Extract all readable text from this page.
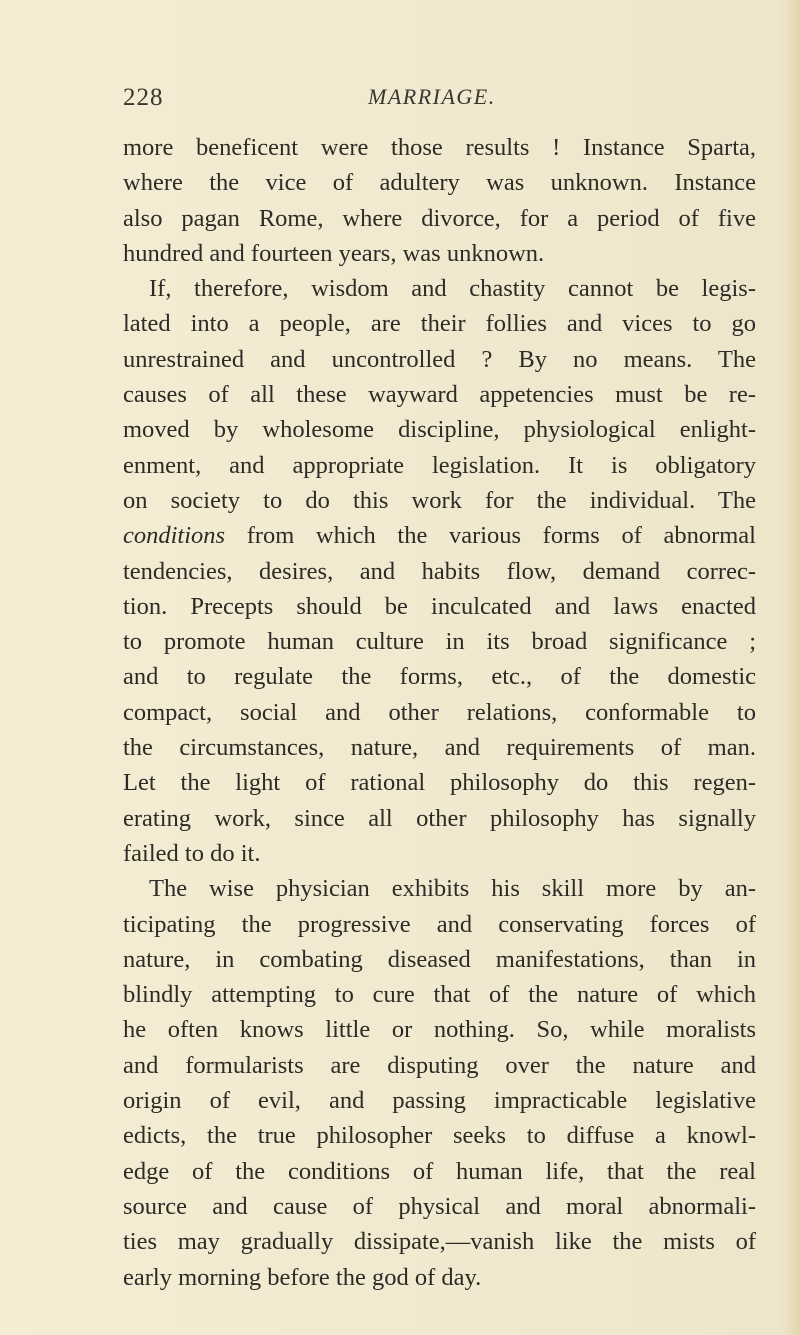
228	MARRIAGE.
more beneficent were those results ! Instance Sparta,
where the vice of adultery was unknown. Instance
also pagan Rome, where divorce, for a period of five
hundred and fourteen years, was unknown.
If, therefore, wisdom and chastity cannot be legis-
lated into a people, are their follies and vices to go
unrestrained and uncontrolled ? By no means. The
causes of all these wayward appetencies must be re-
moved by wholesome discipline, physiological enlight-
enment, and appropriate legislation. It is obligatory
on society to do this work for the individual. The
conditions from which the various forms of abnormal
tendencies, desires, and habits flow, demand correc-
tion. Precepts should be inculcated and laws enacted
to promote human culture in its broad significance ;
and to regulate the forms, etc., of the domestic
compact, social and other relations, conformable to
the circumstances, nature, and requirements of man.
Let the light of rational philosophy do this regen-
erating work, since all other philosophy has signally
failed to do it.
The wise physician exhibits his skill more by an-
ticipating the progressive and conservating forces of
nature, in combating diseased manifestations, than in
blindly attempting to cure that of the nature of which
he often knows little or nothing. So, while moralists
and formularists are disputing over the nature and
origin of evil, and passing impracticable legislative
edicts, the true philosopher seeks to diffuse a knowl-
edge of the conditions of human life, that the real
source and cause of physical and moral abnormali-
ties may gradually dissipate,—vanish like the mists of
early morning before the god of day.
